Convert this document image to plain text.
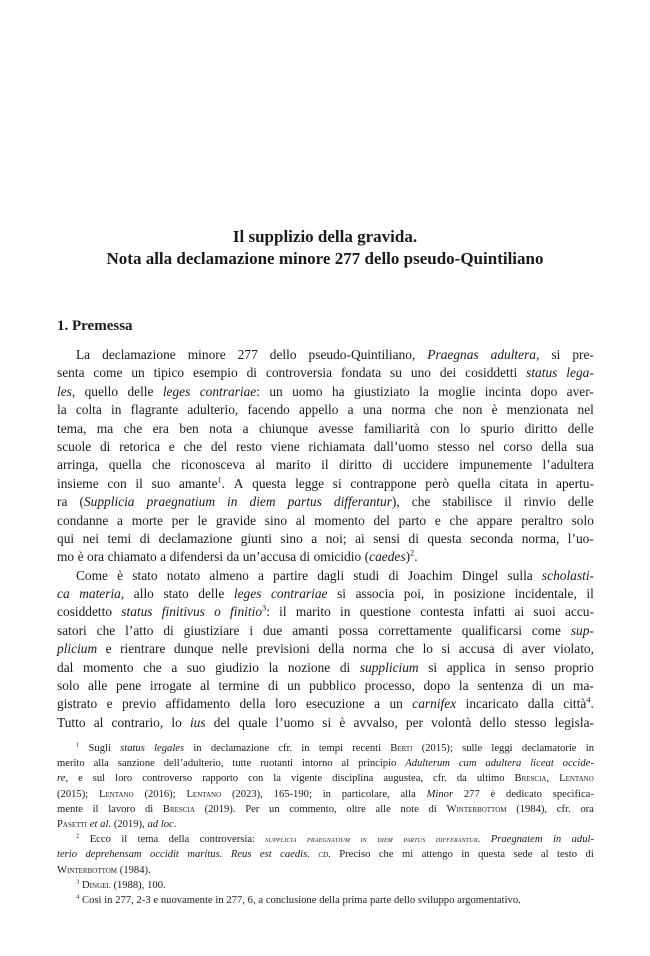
Il supplizio della gravida.

Nota alla declamazione minore 277 dello pseudo-Quintiliano

1. Premessa
La declamazione minore 277 dello pseudo-Quintiliano, Praegnas adultera, si pre-
senta come un tipico esempio di controversia fondata su uno dei cosiddetti status lega-
les, quello delle leges contrariae: un uomo ha giustiziato la moglie incinta dopo aver-
la colta in flagrante adulterio, facendo appello a una norma che non è menzionata nel
tema, ma che era ben nota a chiunque avesse familiarità con lo spurio diritto delle
scuole di retorica e che del resto viene richiamata dall’uomo stesso nel corso della sua
arringa, quella che riconosceva al marito il diritto di uccidere impunemente l’adultera
insieme con il suo amante$^1$. A questa legge si contrappone però quella citata in apertu-
ra (Supplicia praegnatium in diem partus differantur), che stabilisce il rinvio delle
condanne a morte per le gravide sino al momento del parto e che appare peraltro solo
qui nei temi di declamazione giunti sino a noi; ai sensi di questa seconda norma, l’uo-
mo è ora chiamato a difendersi da un’accusa di omicidio (caedes)$^2$.
Come è stato notato almeno a partire dagli studi di Joachim Dingel sulla scholasti-
ca materia, allo stato delle leges contrariae si associa poi, in posizione incidentale, il
cosiddetto status finitivus o finitio$^3$: il marito in questione contesta infatti ai suoi accu-
satori che l’atto di giustiziare i due amanti possa correttamente qualificarsi come sup-
plicium e rientrare dunque nelle previsioni della norma che lo si accusa di aver violato,
dal momento che a suo giudizio la nozione di supplicium si applica in senso proprio
solo alle pene irrogate al termine di un pubblico processo, dopo la sentenza di un ma-
gistrato e previo affidamento della loro esecuzione a un carnifex incaricato dalla città$^4$.
Tutto al contrario, lo ius del quale l’uomo si è avvalso, per volontà dello stesso legisla-
$^1$ Sugli status legales in declamazione cfr. in tempi recenti Berti (2015); sulle leggi declamatorie in
merito alla sanzione dell’adulterio, tutte ruotanti intorno al principio Adulterum cum adultera liceat occide-
re, e sul loro controverso rapporto con la vigente disciplina augustea, cfr. da ultimo Brescia, Lentano
(2015); Lentano (2016); Lentano (2023), 165-190; in particolare, alla Minor 277 è dedicato specifica-
mente il lavoro di Brescia (2019). Per un commento, oltre alle note di Winterbottom (1984), cfr. ora
Pasetti et al. (2019), ad loc.
$^2$ Ecco il tema della controversia: supplicia praegnatium in diem partus differantur. Praegnatem in adul-
terio deprehensam occidit maritus. Reus est caedis. cd. Preciso che mi attengo in questa sede al testo di
Winterbottom (1984).
$^3$ Dingel (1988), 100.
$^4$ Così in 277, 2-3 e nuovamente in 277, 6, a conclusione della prima parte dello sviluppo argomentativo.
